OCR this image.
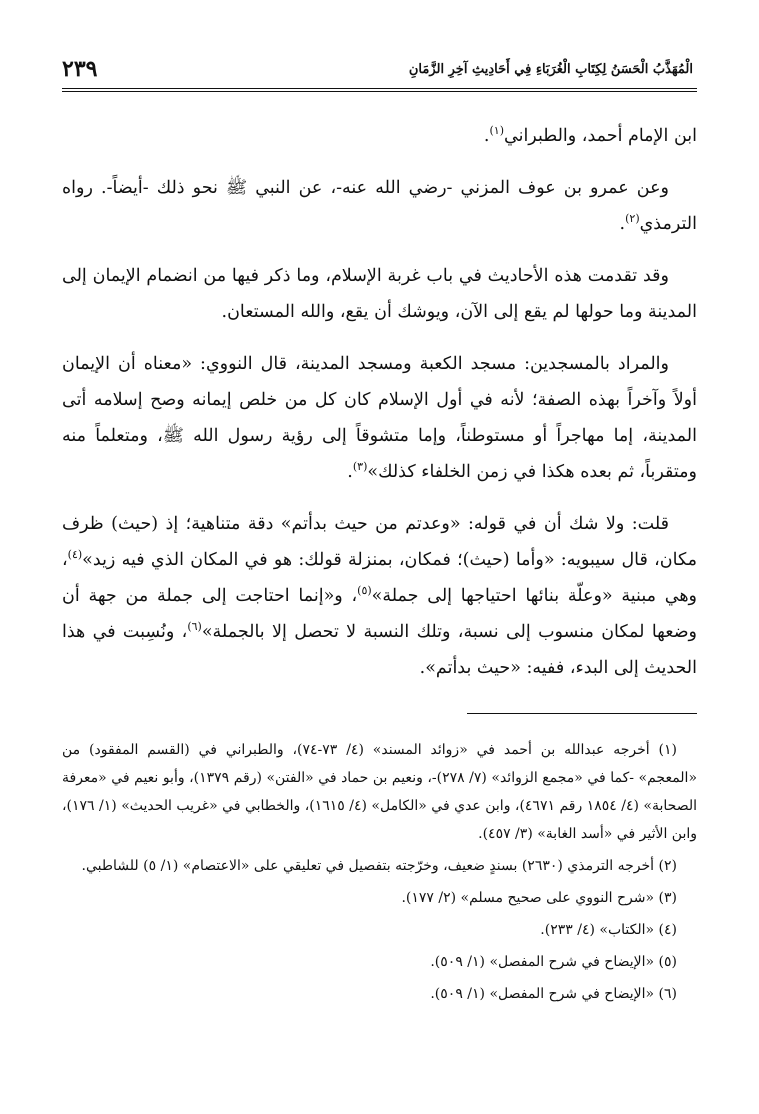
٢٣٩	الْمُهَذَّبُ الْحَسَنُ لِكِتَابِ الْغُرَبَاءِ فِي أَحَادِيثِ آخِرِ الزَّمَانِ

ابن الإمام أحمد، والطبراني$^{(١)}$.

وعن عمرو بن عوف المزني -رضي الله عنه-، عن النبي ﷺ نحو ذلك -أيضاً-. رواه الترمذي$^{(٢)}$.

وقد تقدمت هذه الأحاديث في باب غربة الإسلام، وما ذكر فيها من انضمام الإيمان إلى المدينة وما حولها لم يقع إلى الآن، ويوشك أن يقع، والله المستعان.

والمراد بالمسجدين: مسجد الكعبة ومسجد المدينة، قال النووي: «معناه أن الإيمان أولاً وآخراً بهذه الصفة؛ لأنه في أول الإسلام كان كل من خلص إيمانه وصح إسلامه أتى المدينة، إما مهاجراً أو مستوطناً، وإما متشوقاً إلى رؤية رسول الله ﷺ، ومتعلماً منه ومتقرباً، ثم بعده هكذا في زمن الخلفاء كذلك»$^{(٣)}$.

قلت: ولا شك أن في قوله: «وعدتم من حيث بدأتم» دقة متناهية؛ إذ (حيث) ظرف مكان، قال سيبويه: «وأما (حيث)؛ فمكان، بمنزلة قولك: هو في المكان الذي فيه زيد»$^{(٤)}$، وهي مبنية «وعلّة بنائها احتياجها إلى جملة»$^{(٥)}$، و«إنما احتاجت إلى جملة من جهة أن وضعها لمكان منسوب إلى نسبة، وتلك النسبة لا تحصل إلا بالجملة»$^{(٦)}$، ونُسِبت في هذا الحديث إلى البدء، ففيه: «حيث بدأتم».

(١) أخرجه عبدالله بن أحمد في «زوائد المسند» (٤/ ٧٣-٧٤)، والطبراني في (القسم المفقود) من «المعجم» -كما في «مجمع الزوائد» (٧/ ٢٧٨)-، ونعيم بن حماد في «الفتن» (رقم ١٣٧٩)، وأبو نعيم في «معرفة الصحابة» (٤/ ١٨٥٤ رقم ٤٦٧١)، وابن عدي في «الكامل» (٤/ ١٦١٥)، والخطابي في «غريب الحديث» (١/ ١٧٦)، وابن الأثير في «أسد الغابة» (٣/ ٤٥٧).
(٢) أخرجه الترمذي (٢٦٣٠) بسندٍ ضعيف، وخرّجته بتفصيل في تعليقي على «الاعتصام» (١/ ٥) للشاطبي.
(٣) «شرح النووي على صحيح مسلم» (٢/ ١٧٧).
(٤) «الكتاب» (٤/ ٢٣٣).
(٥) «الإيضاح في شرح المفصل» (١/ ٥٠٩).
(٦) «الإيضاح في شرح المفصل» (١/ ٥٠٩).
